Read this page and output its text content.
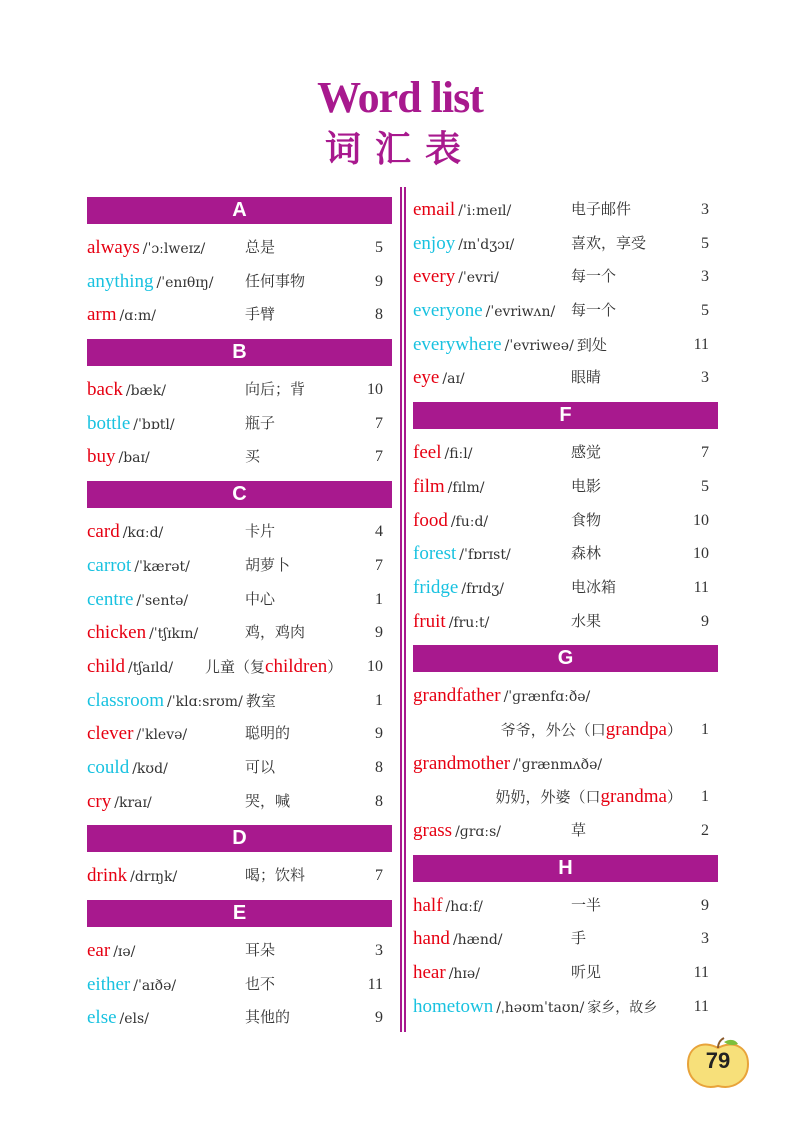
Word list
词汇表
A
always /ˈɔːlweɪz/	总是	5
anything /ˈenɪθɪŋ/ 任何事物	9
arm /ɑːm/	手臂	8
B
back /bæk/	向后；背	10
bottle /ˈbɒtl/	瓶子	7
buy /baɪ/	买	7
C
card /kɑːd/	卡片	4
carrot /ˈkærət/	胡萝卜	7
centre /ˈsentə/	中心	1
chicken /ˈtʃɪkɪn/	鸡，鸡肉	9
child /tʃaɪld/ 儿童（复children） 10
classroom /ˈklɑːsrʊm/ 教室	1
clever /ˈklevə/	聪明的	9
could /kʊd/	可以	8
cry /kraɪ/	哭，喊	8
D
drink /drɪŋk/	喝；饮料	7
E
ear /ɪə/	耳朵	3
either /ˈaɪðə/	也不	11
else /els/	其他的	9
email /ˈiːmeɪl/	电子邮件	3
enjoy /ɪnˈdʒɔɪ/	喜欢，享受	5
every /ˈevri/	每一个	3
everyone /ˈevriwʌn/ 每一个	5
everywhere /ˈevriweə/ 到处	11
eye /aɪ/	眼睛	3
F
feel /fiːl/	感觉	7
film /fɪlm/	电影	5
food /fuːd/	食物	10
forest /ˈfɒrɪst/	森林	10
fridge /frɪdʒ/	电冰箱	11
fruit /fruːt/	水果	9
G
grandfather /ˈɡrænfɑːðə/
爷爷，外公（口grandpa） 1
grandmother /ˈɡrænmʌðə/
奶奶，外婆（口grandma） 1
grass /ɡrɑːs/	草	2
H
half /hɑːf/	一半	9
hand /hænd/	手	3
hear /hɪə/	听见	11
hometown /ˌhəʊmˈtaʊn/ 家乡，故乡 11
79
